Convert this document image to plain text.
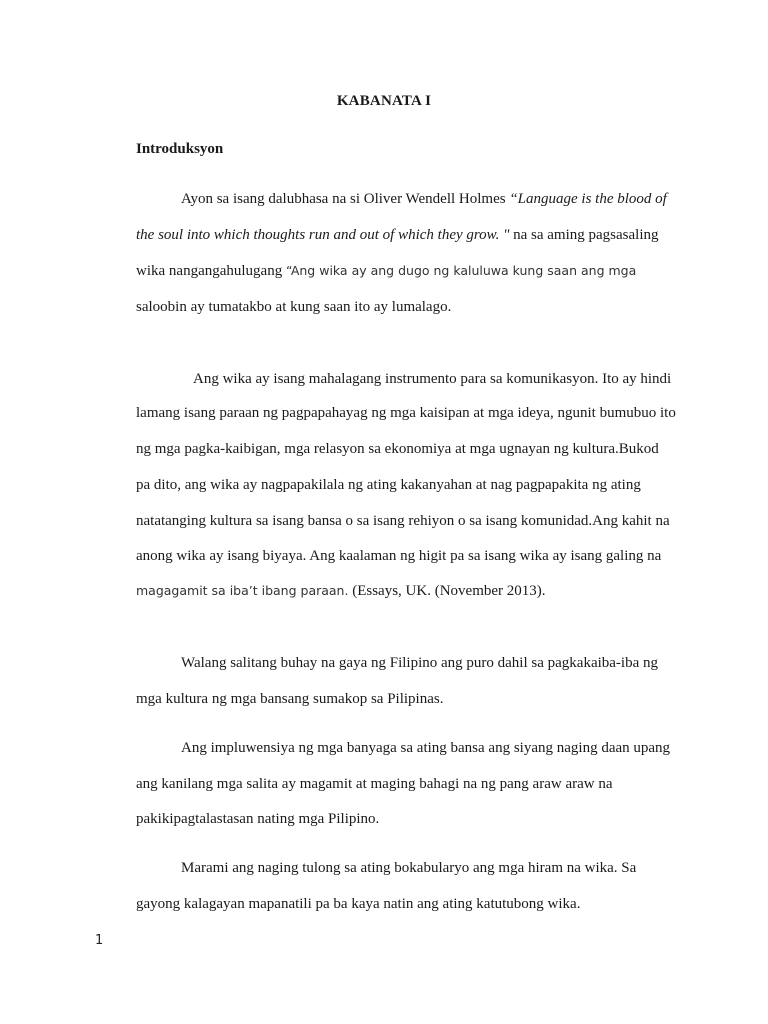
KABANATA I
Introduksyon
Ayon sa isang dalubhasa na si Oliver Wendell Holmes “Language is the blood of
the soul into which thoughts run and out of which they grow. " na sa aming pagsasaling
wika nangangahulugang “Ang wika ay ang dugo ng kaluluwa kung saan ang mga
saloobin ay tumatakbo at kung saan ito ay lumalago.
Ang wika ay isang mahalagang instrumento para sa komunikasyon. Ito ay hindi
lamang isang paraan ng pagpapahayag ng mga kaisipan at mga ideya, ngunit bumubuo ito
ng mga pagka-kaibigan, mga relasyon sa ekonomiya at mga ugnayan ng kultura.Bukod
pa dito, ang wika ay nagpapakilala ng ating kakanyahan at nag pagpapakita ng ating
natatanging kultura sa isang bansa o sa isang rehiyon o sa isang komunidad.Ang kahit na
anong wika ay isang biyaya. Ang kaalaman ng higit pa sa isang wika ay isang galing na
magagamit sa iba’t ibang paraan. (Essays, UK. (November 2013).
Walang salitang buhay na gaya ng Filipino ang puro dahil sa pagkakaiba-iba ng
mga kultura ng mga bansang sumakop sa Pilipinas.
Ang impluwensiya ng mga banyaga sa ating bansa ang siyang naging daan upang
ang kanilang mga salita ay magamit at maging bahagi na ng pang araw araw na
pakikipagtalastasan nating mga Pilipino.
Marami ang naging tulong sa ating bokabularyo ang mga hiram na wika. Sa
gayong kalagayan mapanatili pa ba kaya natin ang ating katutubong wika.
1
